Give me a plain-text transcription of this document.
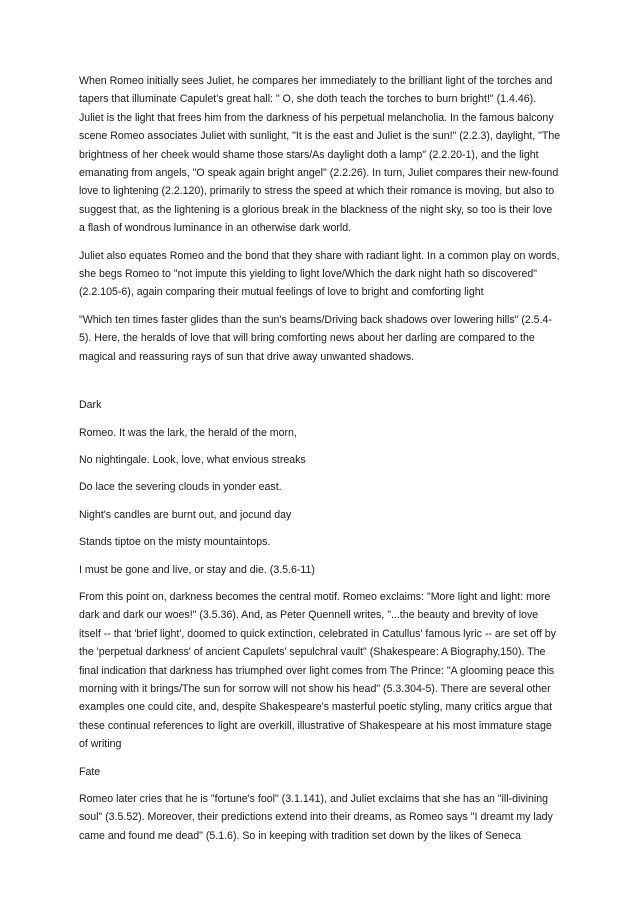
When Romeo initially sees Juliet, he compares her immediately to the brilliant light of the torches and tapers that illuminate Capulet's great hall: " O, she doth teach the torches to burn bright!" (1.4.46). Juliet is the light that frees him from the darkness of his perpetual melancholia. In the famous balcony scene Romeo associates Juliet with sunlight, "It is the east and Juliet is the sun!" (2.2.3), daylight, "The brightness of her cheek would shame those stars/As daylight doth a lamp" (2.2.20-1), and the light emanating from angels, "O speak again bright angel" (2.2.26). In turn, Juliet compares their new-found love to lightening (2.2.120), primarily to stress the speed at which their romance is moving, but also to suggest that, as the lightening is a glorious break in the blackness of the night sky, so too is their love a flash of wondrous luminance in an otherwise dark world.

Juliet also equates Romeo and the bond that they share with radiant light. In a common play on words, she begs Romeo to "not impute this yielding to light love/Which the dark night hath so discovered" (2.2.105-6), again comparing their mutual feelings of love to bright and comforting light

"Which ten times faster glides than the sun's beams/Driving back shadows over lowering hills" (2.5.4-5). Here, the heralds of love that will bring comforting news about her darling are compared to the magical and reassuring rays of sun that drive away unwanted shadows.

Dark

Romeo. It was the lark, the herald of the morn,

No nightingale. Look, love, what envious streaks

Do lace the severing clouds in yonder east.

Night's candles are burnt out, and jocund day

Stands tiptoe on the misty mountaintops.

I must be gone and live, or stay and die. (3.5.6-11)

From this point on, darkness becomes the central motif. Romeo exclaims: "More light and light: more dark and dark our woes!" (3.5.36). And, as Peter Quennell writes, "...the beauty and brevity of love itself -- that 'brief light', doomed to quick extinction, celebrated in Catullus' famous lyric -- are set off by the 'perpetual darkness' of ancient Capulets' sepulchral vault" (Shakespeare: A Biography,150). The final indication that darkness has triumphed over light comes from The Prince: "A glooming peace this morning with it brings/The sun for sorrow will not show his head" (5.3.304-5). There are several other examples one could cite, and, despite Shakespeare's masterful poetic styling, many critics argue that these continual references to light are overkill, illustrative of Shakespeare at his most immature stage of writing

Fate

Romeo later cries that he is "fortune's fool" (3.1.141), and Juliet exclaims that she has an "ill-divining soul" (3.5.52). Moreover, their predictions extend into their dreams, as Romeo says "I dreamt my lady came and found me dead" (5.1.6). So in keeping with tradition set down by the likes of Seneca
